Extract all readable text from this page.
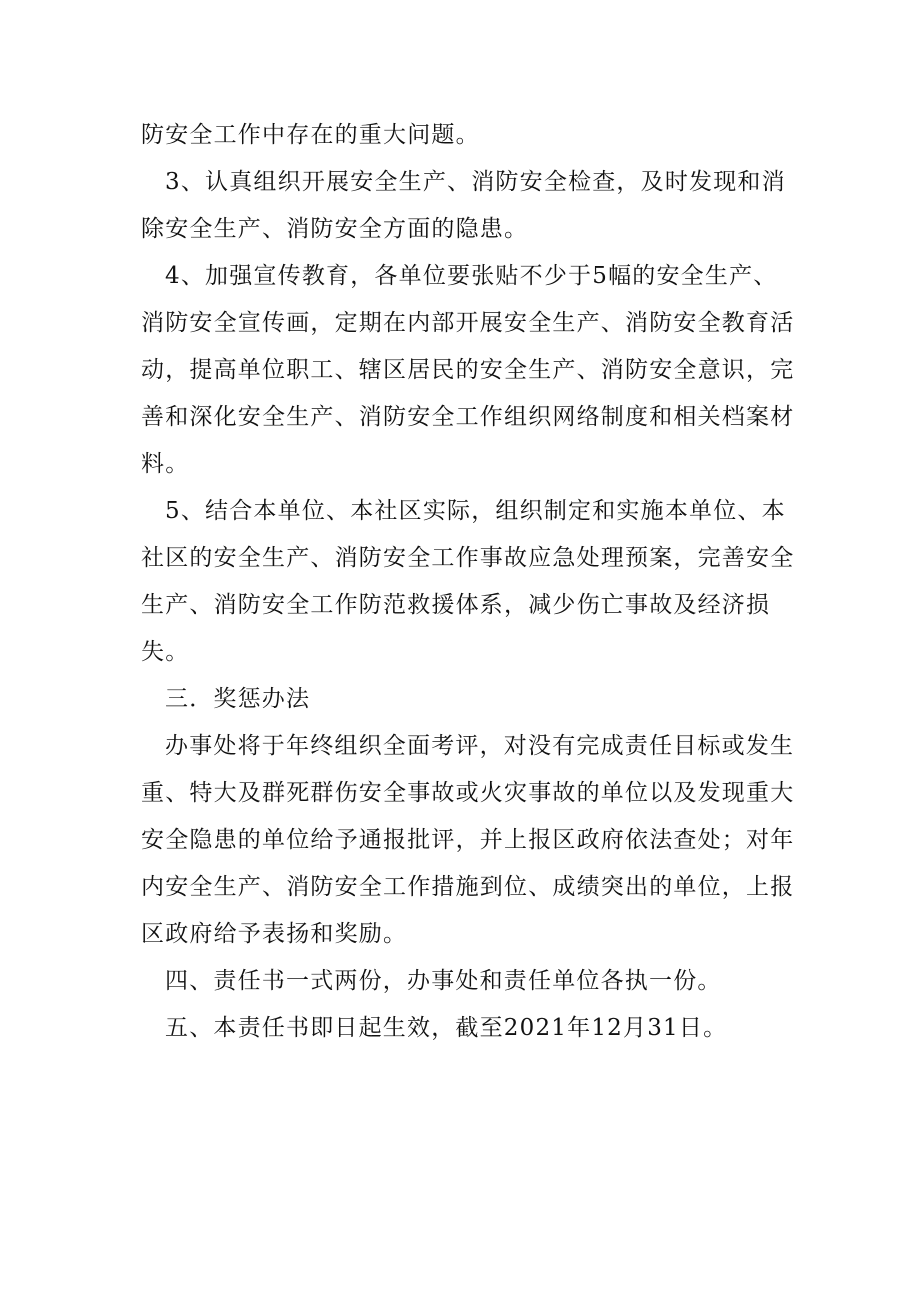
防安全工作中存在的重大问题。

3、认真组织开展安全生产、消防安全检查，及时发现和消除安全生产、消防安全方面的隐患。

4、加强宣传教育，各单位要张贴不少于5幅的安全生产、消防安全宣传画，定期在内部开展安全生产、消防安全教育活动，提高单位职工、辖区居民的安全生产、消防安全意识，完善和深化安全生产、消防安全工作组织网络制度和相关档案材料。

5、结合本单位、本社区实际，组织制定和实施本单位、本社区的安全生产、消防安全工作事故应急处理预案，完善安全生产、消防安全工作防范救援体系，减少伤亡事故及经济损失。

三．奖惩办法

办事处将于年终组织全面考评，对没有完成责任目标或发生重、特大及群死群伤安全事故或火灾事故的单位以及发现重大安全隐患的单位给予通报批评，并上报区政府依法查处；对年内安全生产、消防安全工作措施到位、成绩突出的单位，上报区政府给予表扬和奖励。

四、责任书一式两份，办事处和责任单位各执一份。

五、本责任书即日起生效，截至2021年12月31日。
